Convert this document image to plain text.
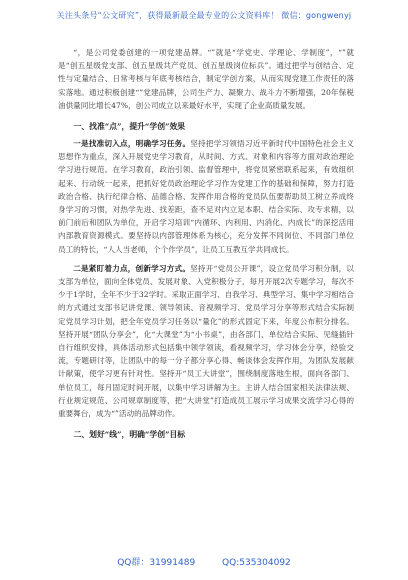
关注头条号“公文研究”，获得最新最全最专业的公文资料库！ 微信：gongwenyj

“，是公司党委创建的一项党建品牌。“”就是“学党史、学理论、学制度”，“”就是“创五星级党支部、创五星级共产党员、创五星级岗位标兵”。通过把学与创结合、定性与定量结合、日常考核与年底考核结合，制定学创方案，从而实现党建工作责任的落实落地。通过积极创建“”党建品牌，公司生产力、凝聚力、战斗力不断增强，20年保税油供量同比增长47%，创公司成立以来最好水平，实现了企业高质量发展。

一、找准“点”，提升“学创”效果

一是找准切入点，明确学习任务。坚持把学习领悟习近平新时代中国特色社会主义思想作为重点，深入开展党史学习教育，从时间、方式、对象和内容等方面对政治理论学习进行规范。在学习教育，政治引领、监督管理中，将党员紧密联系起来，有效组织起来、行动统一起来，把抓好党员政治理论学习作为党建工作的基础和保障，努力打造政治合格、执行纪律合格、品德合格、发挥作用合格的党员队伍要帮助员工树立养成终身学习的习惯，对热学先进、找差距，查不足对内立足本职、结合实际、攻专求精，以前门前后和团队为单位，开启学习培训“内循环、内利用、内消化、内成长”的深挖活用内部教育资源模式。要坚持以内部管理体系为核心，充分发挥不同岗位、不同部门单位员工的特长，“人人当老师，个个作学员”，让员工互教互学共同成长。

二是紧盯着力点，创新学习方式。坚持开“党员公开课”，设立党员学习积分制，以支部为单位，面向全体党员、发展对象、入党积极分子，每月开展2次专题学习，每次不少于1学时，全年不少于32学时。采取正面学习、自我学习、典型学习、集中学习相结合的方式通过支部书记讲党课、领导领读、音视频学习、党员学习分享等形式结合实际制定党员学习计划，把全年党员学习任务以“量化”的形式固定下来，年度公布积分排名。坚持开展“团队分享会”，化“大课堂”为“小书桌”，由各部门、单位结合实际、见缝插针自行组织安排，具体活动形式包括集中领学领读，看视频学习，学习体会分享，经验交流，专题研讨等，让团队中的每一分子都分享心得、畅谈体会发挥作用，为团队发展献计献策，使学习更有针对性。坚持开“员工大讲堂”，围绕制度落地生根，面向各部门、单位员工，每月固定时间开展，以集中学习讲解为主。主讲人结合国家相关法律法规、行业规定规范、公司规章制度等，把“大讲堂”打造成员工展示学习成果交流学习心得的重要舞台，成为“”活动的品牌动作。

二、划好“线”，明确“学创”目标
QQ群：31991489	QQ:535304092
